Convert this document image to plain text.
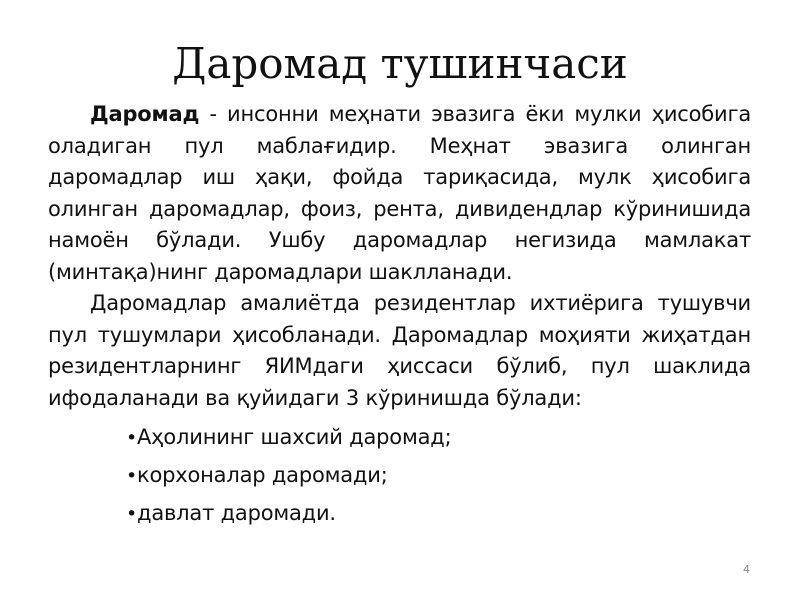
Даромад тушинчаси

Даромад - инсонни меҳнати эвазига ёки мулки ҳисобига оладиган пул маблағидир. Меҳнат эвазига олинган даромадлар иш ҳақи, фойда тариқасида, мулк ҳисобига олинган даромадлар, фоиз, рента, дивидендлар кўринишида намоён бўлади. Ушбу даромадлар негизида мамлакат (минтақа)нинг даромадлари шаклланади.

Даромадлар амалиётда резидентлар ихтиёрига тушувчи пул тушумлари ҳисобланади. Даромадлар моҳияти жиҳатдан резидентларнинг ЯИМдаги ҳиссаси бўлиб, пул шаклида ифодаланади ва қуйидаги 3 кўринишда бўлади:

•Аҳолининг шахсий даромад;
•корхоналар даромади;
•давлат даромади.
4
